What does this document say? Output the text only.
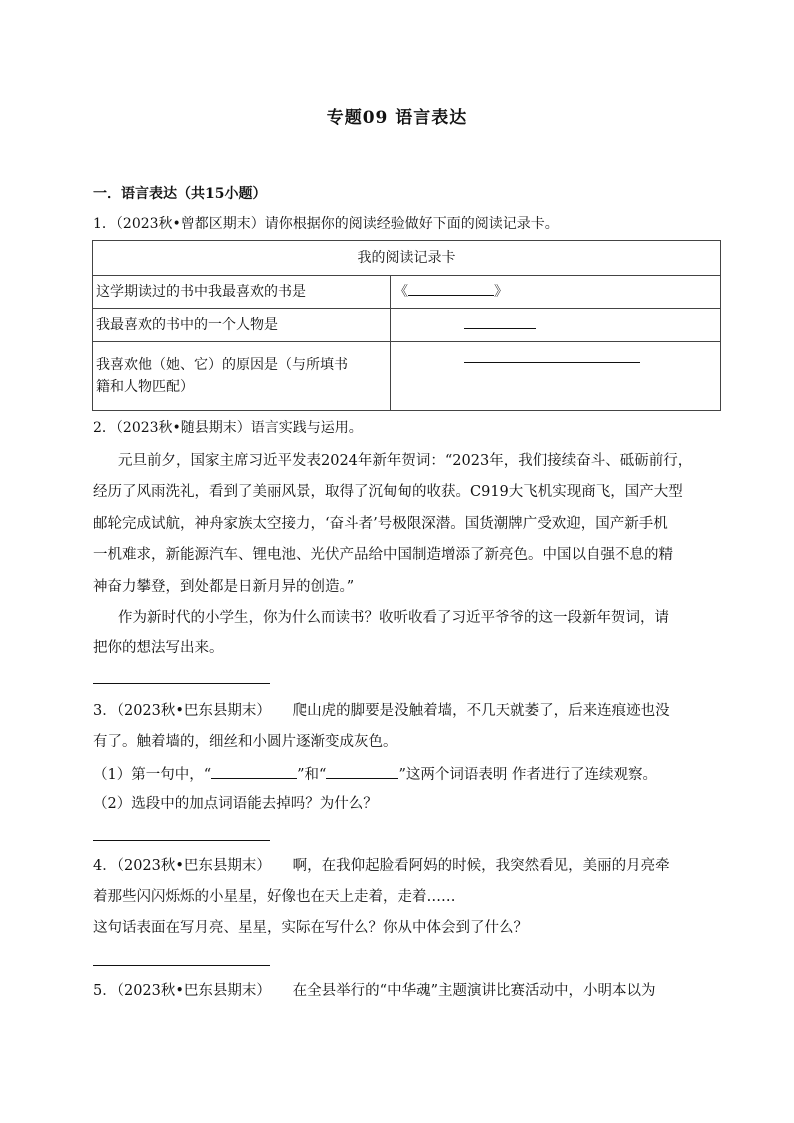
专题09 语言表达
一．语言表达（共15小题）
1．（2023秋•曾都区期末）请你根据你的阅读经验做好下面的阅读记录卡。
我的阅读记录卡	
这学期读过的书中我最喜欢的书是	《 》
我最喜欢的书中的一个人物是	

我喜欢他（她、它）的原因是（与所填书
籍和人物匹配）	

2．（2023秋•随县期末）语言实践与运用。
元旦前夕，国家主席习近平发表2024年新年贺词：“2023年，我们接续奋斗、砥砺前行，
经历了风雨洗礼，看到了美丽风景，取得了沉甸甸的收获。C919大飞机实现商飞，国产大型
邮轮完成试航，神舟家族太空接力，‘奋斗者’号极限深潜。国货潮牌广受欢迎，国产新手机
一机难求，新能源汽车、锂电池、光伏产品给中国制造增添了新亮色。中国以自强不息的精
神奋力攀登，到处都是日新月异的创造。”
作为新时代的小学生，你为什么而读书？收听收看了习近平爷爷的这一段新年贺词，请
把你的想法写出来。
3．（2023秋•巴东县期末）　　爬山虎的脚要是没触着墙，不几天就萎了，后来连痕迹也没
有了。触着墙的，细丝和小圆片逐渐变成灰色。
（1）第一句中，“	”和“	”这两个词语表明 作者进行了连续观察。
（2）选段中的加点词语能去掉吗？为什么？
4．（2023秋•巴东县期末）　　啊，在我仰起脸看阿妈的时候，我突然看见，美丽的月亮牵
着那些闪闪烁烁的小星星，好像也在天上走着，走着……
这句话表面在写月亮、星星，实际在写什么？你从中体会到了什么？
5．（2023秋•巴东县期末）　　在全县举行的“中华魂”主题演讲比赛活动中，小明本以为
